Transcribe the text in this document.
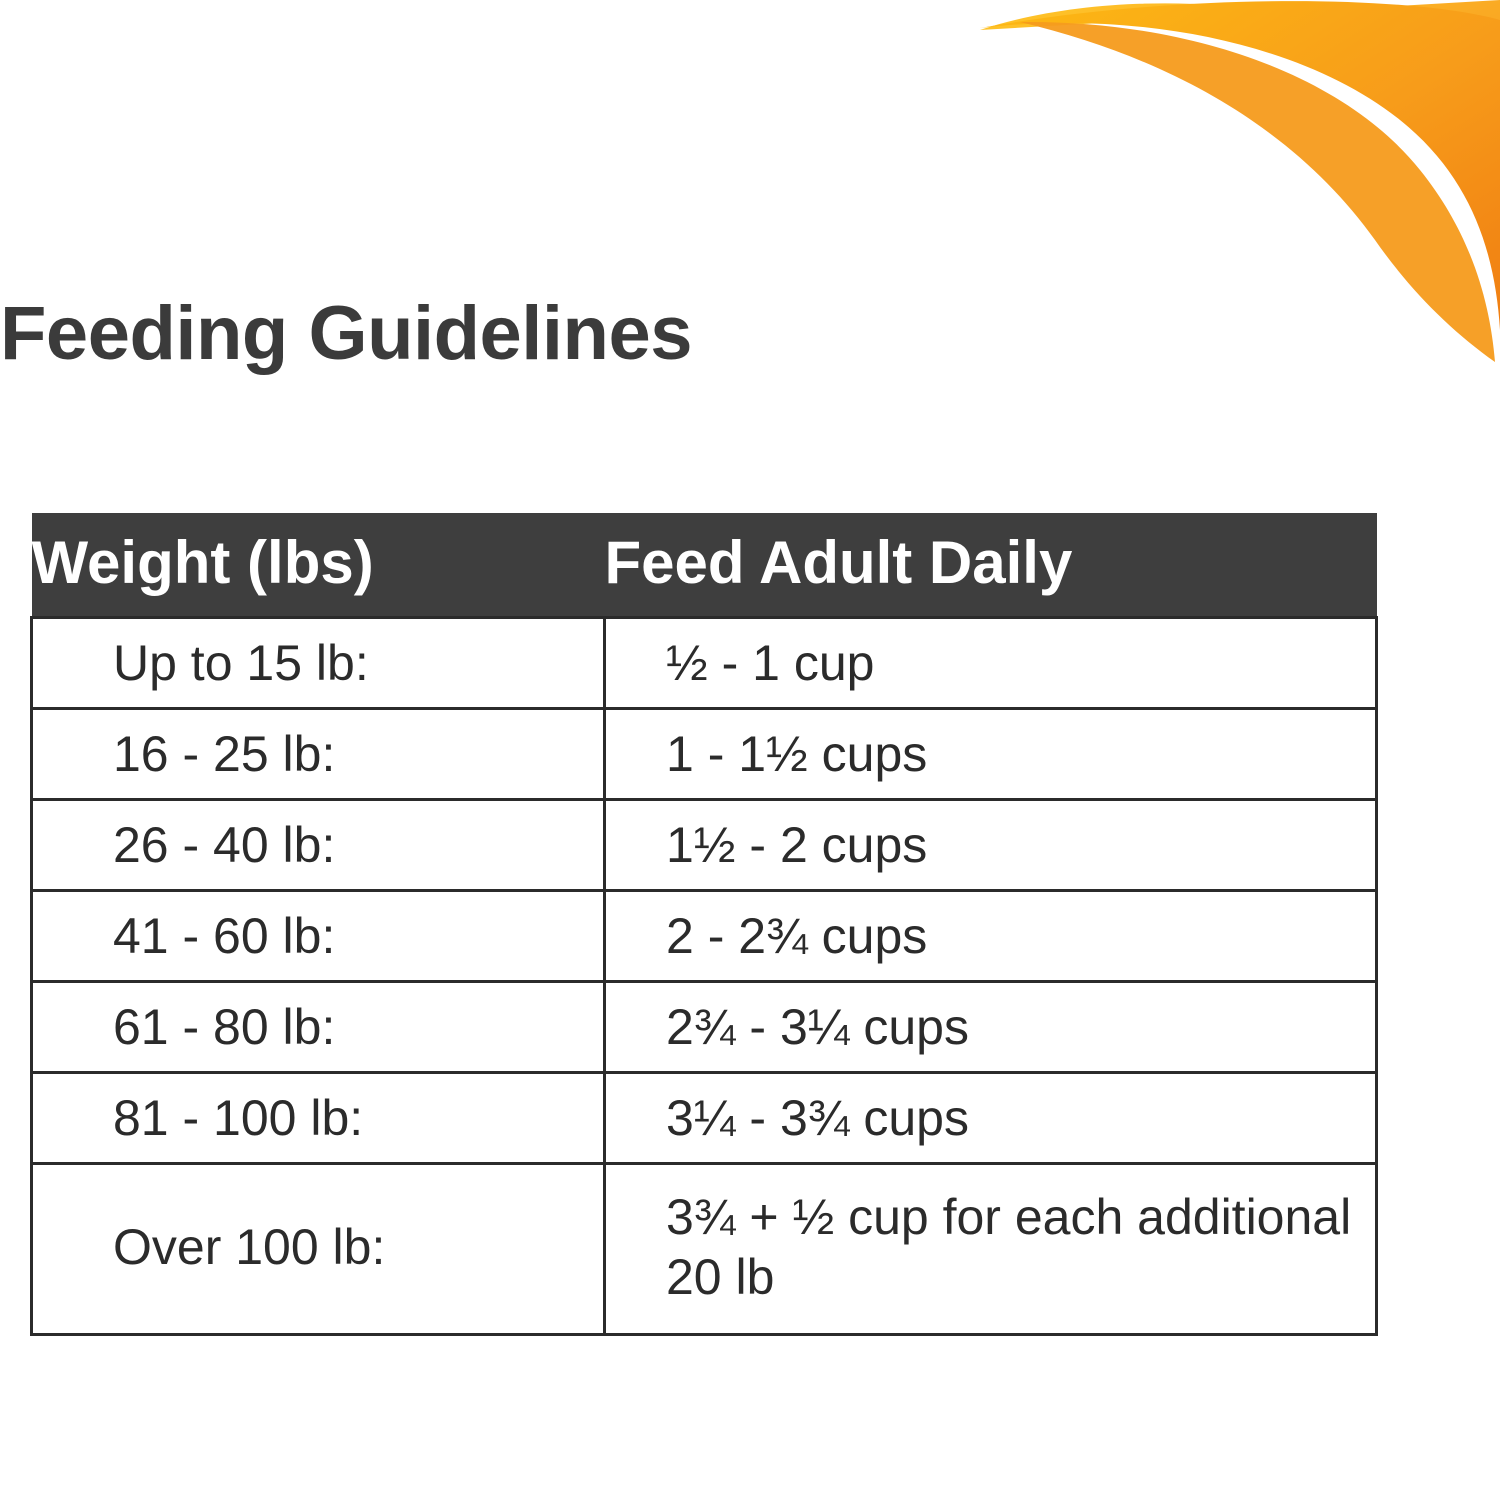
Feeding Guidelines
Weight (lbs)	Feed Adult Daily
Up to 15 lb:	½ - 1 cup
16 - 25 lb:	1 - 1½ cups
26 - 40 lb:	1½ - 2 cups
41 - 60 lb:	2 - 2¾ cups
61 - 80 lb:	2¾ - 3¼ cups
81 - 100 lb:	3¼ - 3¾ cups
Over 100 lb:	3¾ + ½ cup for each additional 20 lb
